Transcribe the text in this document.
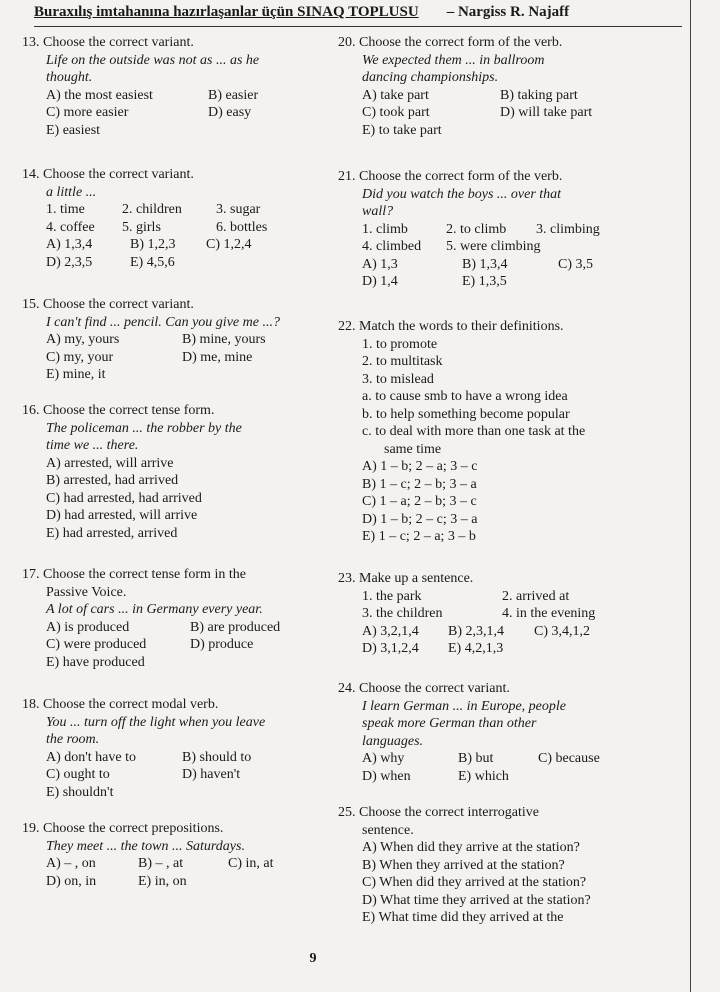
Buraxılış imtahanına hazırlaşanlar üçün SINAQ TOPLUSU – Nargiss R. Najaff
13. Choose the correct variant.
Life on the outside was not as ... as he
thought.
A) the most easiest	B) easier
C) more easier	D) easy
E) easiest
14. Choose the correct variant.
a little ...
1. time	2. children	3. sugar
4. coffee	5. girls	6. bottles
A) 1,3,4	B) 1,2,3	C) 1,2,4
D) 2,3,5	E) 4,5,6
15. Choose the correct variant.
I can't find ... pencil. Can you give me ...?
A) my, yours	B) mine, yours
C) my, your	D) me, mine
E) mine, it
16. Choose the correct tense form.
The policeman ... the robber by the
time we ... there.
A) arrested, will arrive
B) arrested, had arrived
C) had arrested, had arrived
D) had arrested, will arrive
E) had arrested, arrived
17. Choose the correct tense form in the
Passive Voice.
A lot of cars ... in Germany every year.
A) is produced	B) are produced
C) were produced	D) produce
E) have produced
18. Choose the correct modal verb.
You ... turn off the light when you leave
the room.
A) don't have to	B) should to
C) ought to	D) haven't
E) shouldn't
19. Choose the correct prepositions.
They meet ... the town ... Saturdays.
A) – , on	B) – , at	C) in, at
D) on, in	E) in, on
20. Choose the correct form of the verb.
We expected them ... in ballroom
dancing championships.
A) take part	B) taking part
C) took part	D) will take part
E) to take part
21. Choose the correct form of the verb.
Did you watch the boys ... over that
wall?
1. climb	2. to climb	3. climbing
4. climbed	5. were climbing
A) 1,3	B) 1,3,4	C) 3,5
D) 1,4	E) 1,3,5
22. Match the words to their definitions.
1. to promote
2. to multitask
3. to mislead
a. to cause smb to have a wrong idea
b. to help something become popular
c. to deal with more than one task at the
same time
A) 1 – b; 2 – a; 3 – c
B) 1 – c; 2 – b; 3 – a
C) 1 – a; 2 – b; 3 – c
D) 1 – b; 2 – c; 3 – a
E) 1 – c; 2 – a; 3 – b
23. Make up a sentence.
1. the park	2. arrived at
3. the children	4. in the evening
A) 3,2,1,4	B) 2,3,1,4	C) 3,4,1,2
D) 3,1,2,4	E) 4,2,1,3
24. Choose the correct variant.
I learn German ... in Europe, people
speak more German than other
languages.
A) why	B) but	C) because
D) when	E) which
25. Choose the correct interrogative
sentence.
A) When did they arrive at the station?
B) When they arrived at the station?
C) When did they arrived at the station?
D) What time they arrived at the station?
E) What time did they arrived at the
9
